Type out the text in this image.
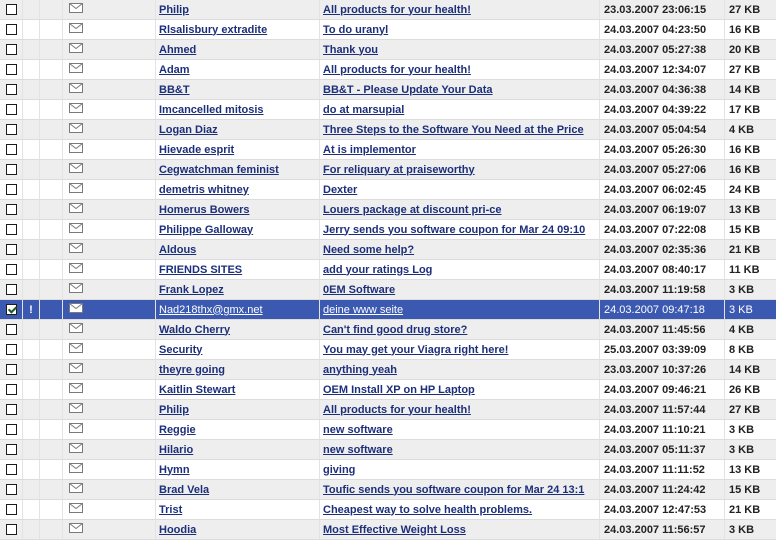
				Philip	All products for your health!	23.03.2007 23:06:15	27 KB
				Rlsalisbury extradite	To do uranyl	24.03.2007 04:23:50	16 KB
				Ahmed	Thank you	24.03.2007 05:27:38	20 KB
				Adam	All products for your health!	24.03.2007 12:34:07	27 KB
				BB&T	BB&T - Please Update Your Data	24.03.2007 04:36:38	14 KB
				Imcancelled mitosis	do at marsupial	24.03.2007 04:39:22	17 KB
				Logan Diaz	Three Steps to the Software You Need at the Price	24.03.2007 05:04:54	4 KB
				Hievade esprit	At is implementor	24.03.2007 05:26:30	16 KB
				Cegwatchman feminist	For reliquary at praiseworthy	24.03.2007 05:27:06	16 KB
				demetris whitney	Dexter	24.03.2007 06:02:45	24 KB
				Homerus Bowers	Louers package at discount pri-ce	24.03.2007 06:19:07	13 KB
				Philippe Galloway	Jerry sends you software coupon for Mar 24 09:10	24.03.2007 07:22:08	15 KB
				Aldous	Need some help?	24.03.2007 02:35:36	21 KB
				FRIENDS SITES	add your ratings Log	24.03.2007 08:40:17	11 KB
				Frank Lopez	0EM Software	24.03.2007 11:19:58	3 KB
	!			Nad218thx@gmx.net	deine www seite	24.03.2007 09:47:18	3 KB
				Waldo Cherry	Can't find good drug store?	24.03.2007 11:45:56	4 KB
				Security	You may get your Viagra right here!	25.03.2007 03:39:09	8 KB
				theyre going	anything yeah	23.03.2007 10:37:26	14 KB
				Kaitlin Stewart	OEM Install XP on HP Laptop	24.03.2007 09:46:21	26 KB
				Philip	All products for your health!	24.03.2007 11:57:44	27 KB
				Reggie	new software	24.03.2007 11:10:21	3 KB
				Hilario	new software	24.03.2007 05:11:37	3 KB
				Hymn	giving	24.03.2007 11:11:52	13 KB
				Brad Vela	Toufic sends you software coupon for Mar 24 13:1	24.03.2007 11:24:42	15 KB
				Trist	Cheapest way to solve health problems.	24.03.2007 12:47:53	21 KB
				Hoodia	Most Effective Weight Loss	24.03.2007 11:56:57	3 KB
